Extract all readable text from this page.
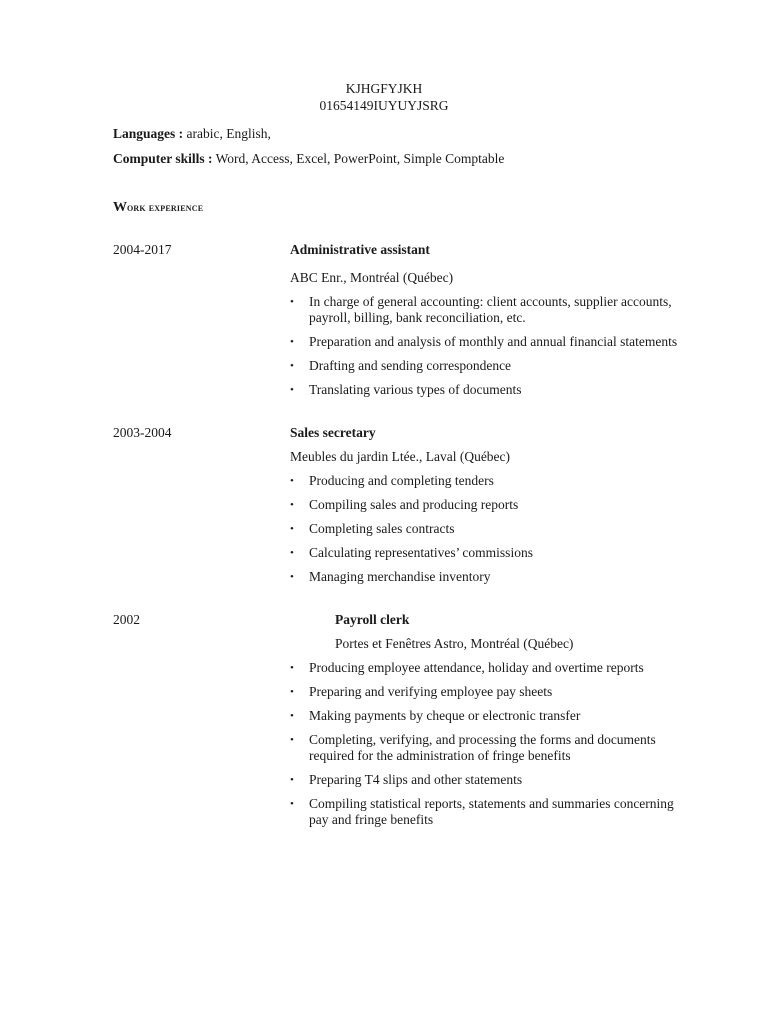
KJHGFYJKH
01654149IUYUYJSRG
Languages : arabic, English,
Computer skills : Word, Access, Excel, PowerPoint, Simple Comptable
Work experience
2004-2017	Administrative assistant
ABC Enr., Montréal (Québec)
• In charge of general accounting: client accounts, supplier accounts, payroll, billing, bank reconciliation, etc.
• Preparation and analysis of monthly and annual financial statements
• Drafting and sending correspondence
• Translating various types of documents
2003-2004	Sales secretary
Meubles du jardin Ltée., Laval (Québec)
• Producing and completing tenders
• Compiling sales and producing reports
• Completing sales contracts
• Calculating representatives’ commissions
• Managing merchandise inventory
2002	Payroll clerk
Portes et Fenêtres Astro, Montréal (Québec)
• Producing employee attendance, holiday and overtime reports
• Preparing and verifying employee pay sheets
• Making payments by cheque or electronic transfer
• Completing, verifying, and processing the forms and documents required for the administration of fringe benefits
• Preparing T4 slips and other statements
• Compiling statistical reports, statements and summaries concerning pay and fringe benefits
